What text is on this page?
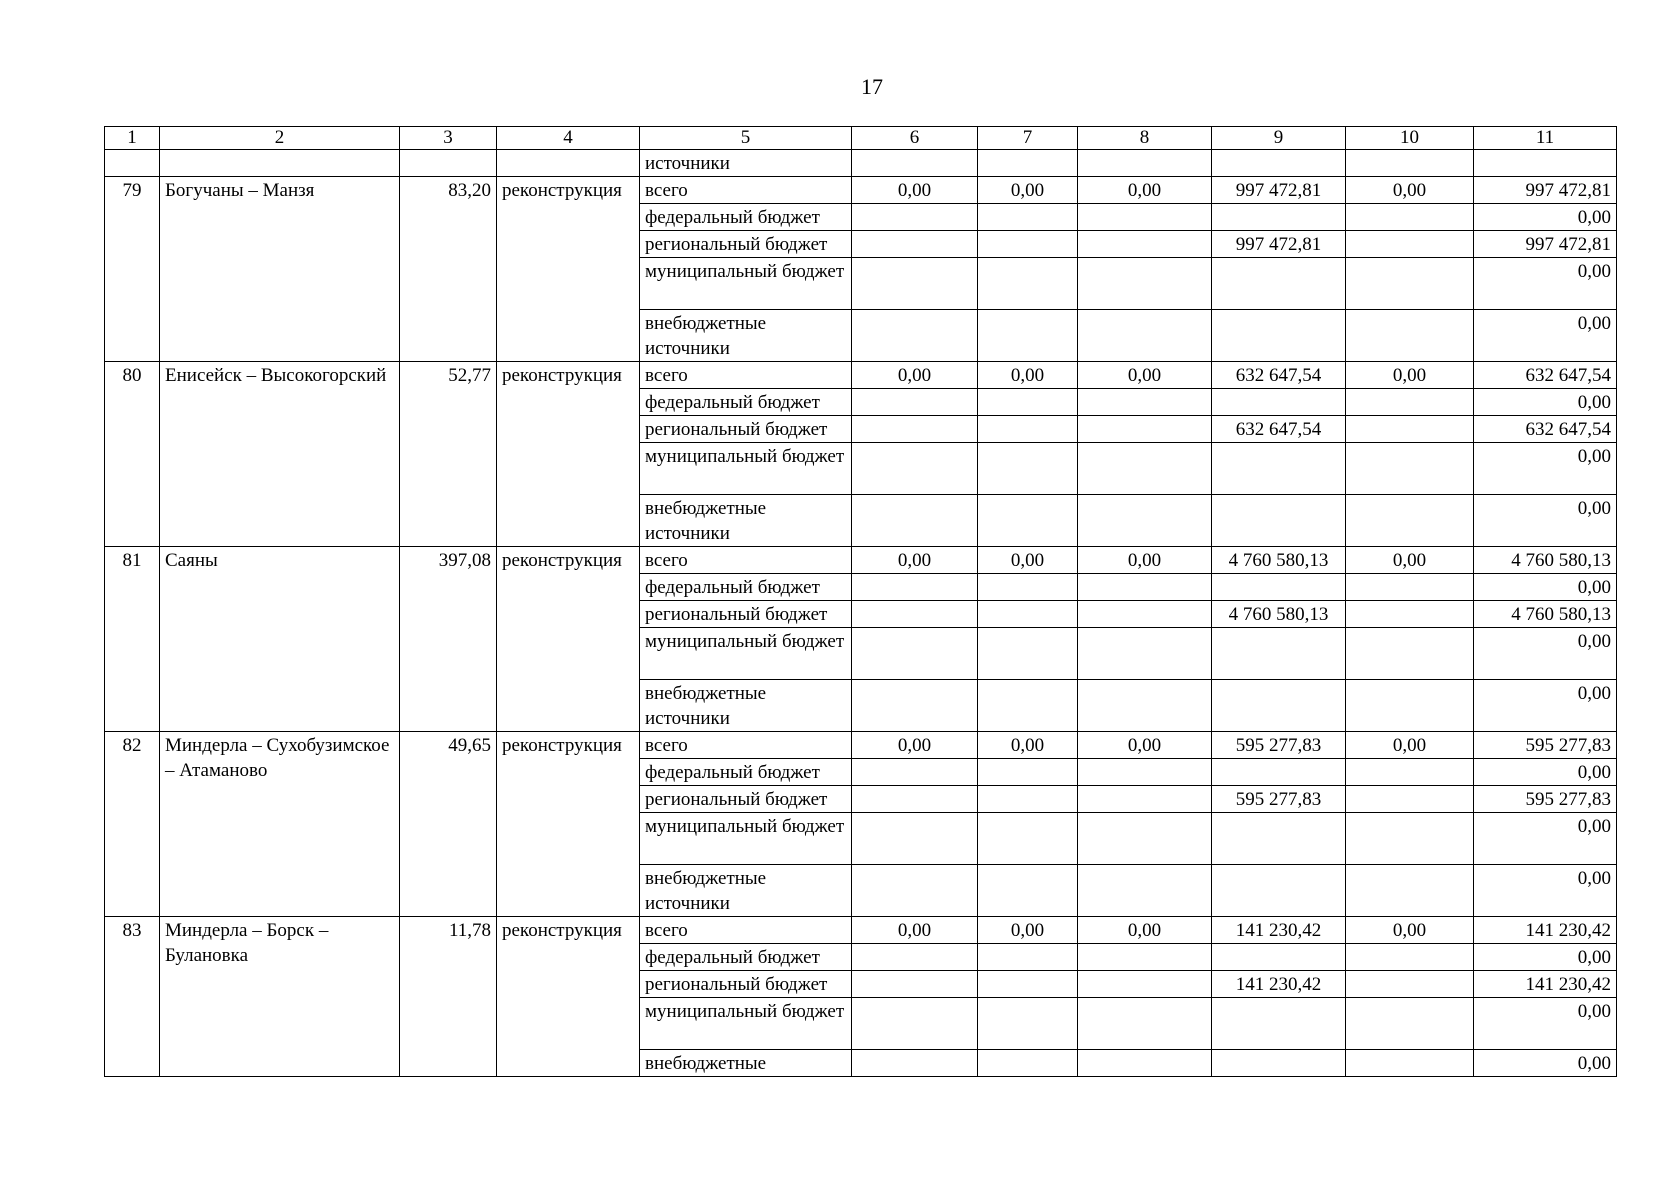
17
1	2	3	4	5	6	7	8	9	10	11
				источники						
79	Богучаны – Манзя	83,20	реконструкция	всего	0,00	0,00	0,00	997 472,81	0,00	997 472,81
				федеральный бюджет						0,00
				региональный бюджет				997 472,81		997 472,81
				муниципальный бюджет						0,00
				внебюджетные источники						0,00
80	Енисейск – Высокогорский	52,77	реконструкция	всего	0,00	0,00	0,00	632 647,54	0,00	632 647,54
				федеральный бюджет						0,00
				региональный бюджет				632 647,54		632 647,54
				муниципальный бюджет						0,00
				внебюджетные источники						0,00
81	Саяны	397,08	реконструкция	всего	0,00	0,00	0,00	4 760 580,13	0,00	4 760 580,13
				федеральный бюджет						0,00
				региональный бюджет				4 760 580,13		4 760 580,13
				муниципальный бюджет						0,00
				внебюджетные источники						0,00
82	Миндерла – Сухобузимское – Атаманово	49,65	реконструкция	всего	0,00	0,00	0,00	595 277,83	0,00	595 277,83
				федеральный бюджет						0,00
				региональный бюджет				595 277,83		595 277,83
				муниципальный бюджет						0,00
				внебюджетные источники						0,00
83	Миндерла – Борск – Булановка	11,78	реконструкция	всего	0,00	0,00	0,00	141 230,42	0,00	141 230,42
				федеральный бюджет						0,00
				региональный бюджет				141 230,42		141 230,42
				муниципальный бюджет						0,00
				внебюджетные						0,00
